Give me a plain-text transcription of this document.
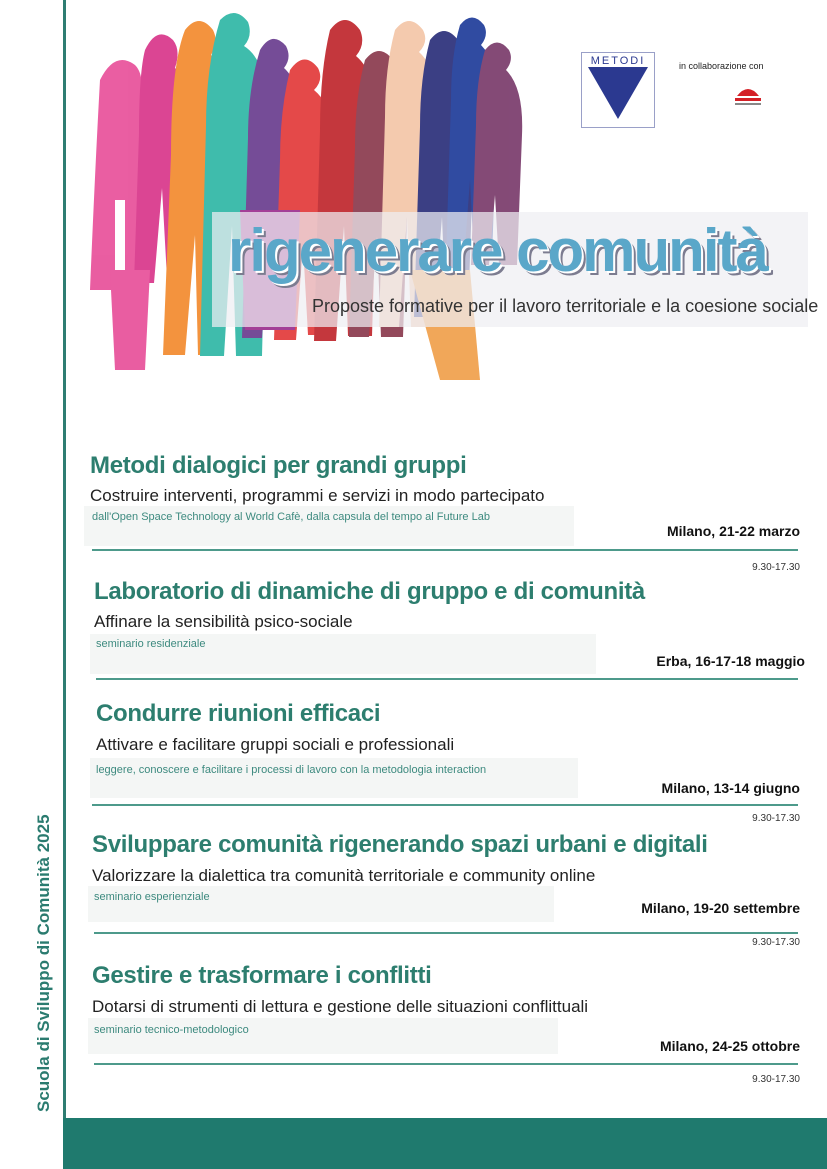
Scuola di Sviluppo di Comunità 2025
METODI	in collaborazione con
rigenerare comunità
Proposte formative per il lavoro territoriale e la coesione sociale
Metodi dialogici per grandi gruppi
Costruire interventi, programmi e servizi in modo partecipato
dall'Open Space Technology al World Cafè, dalla capsula del tempo al Future Lab
Milano, 21-22 marzo
9.30-17.30
Laboratorio di dinamiche di gruppo e di comunità
Affinare la sensibilità psico-sociale
seminario residenziale
Erba, 16-17-18 maggio
Condurre riunioni efficaci
Attivare e facilitare gruppi sociali e professionali
leggere, conoscere e facilitare i processi di lavoro con la metodologia interaction
Milano, 13-14 giugno
9.30-17.30
Sviluppare comunità rigenerando spazi urbani e digitali
Valorizzare la dialettica tra comunità territoriale e community online
seminario esperienziale
Milano, 19-20 settembre
9.30-17.30
Gestire e trasformare i conflitti
Dotarsi di strumenti di lettura e gestione delle situazioni conflittuali
seminario tecnico-metodologico
Milano, 24-25 ottobre
9.30-17.30
